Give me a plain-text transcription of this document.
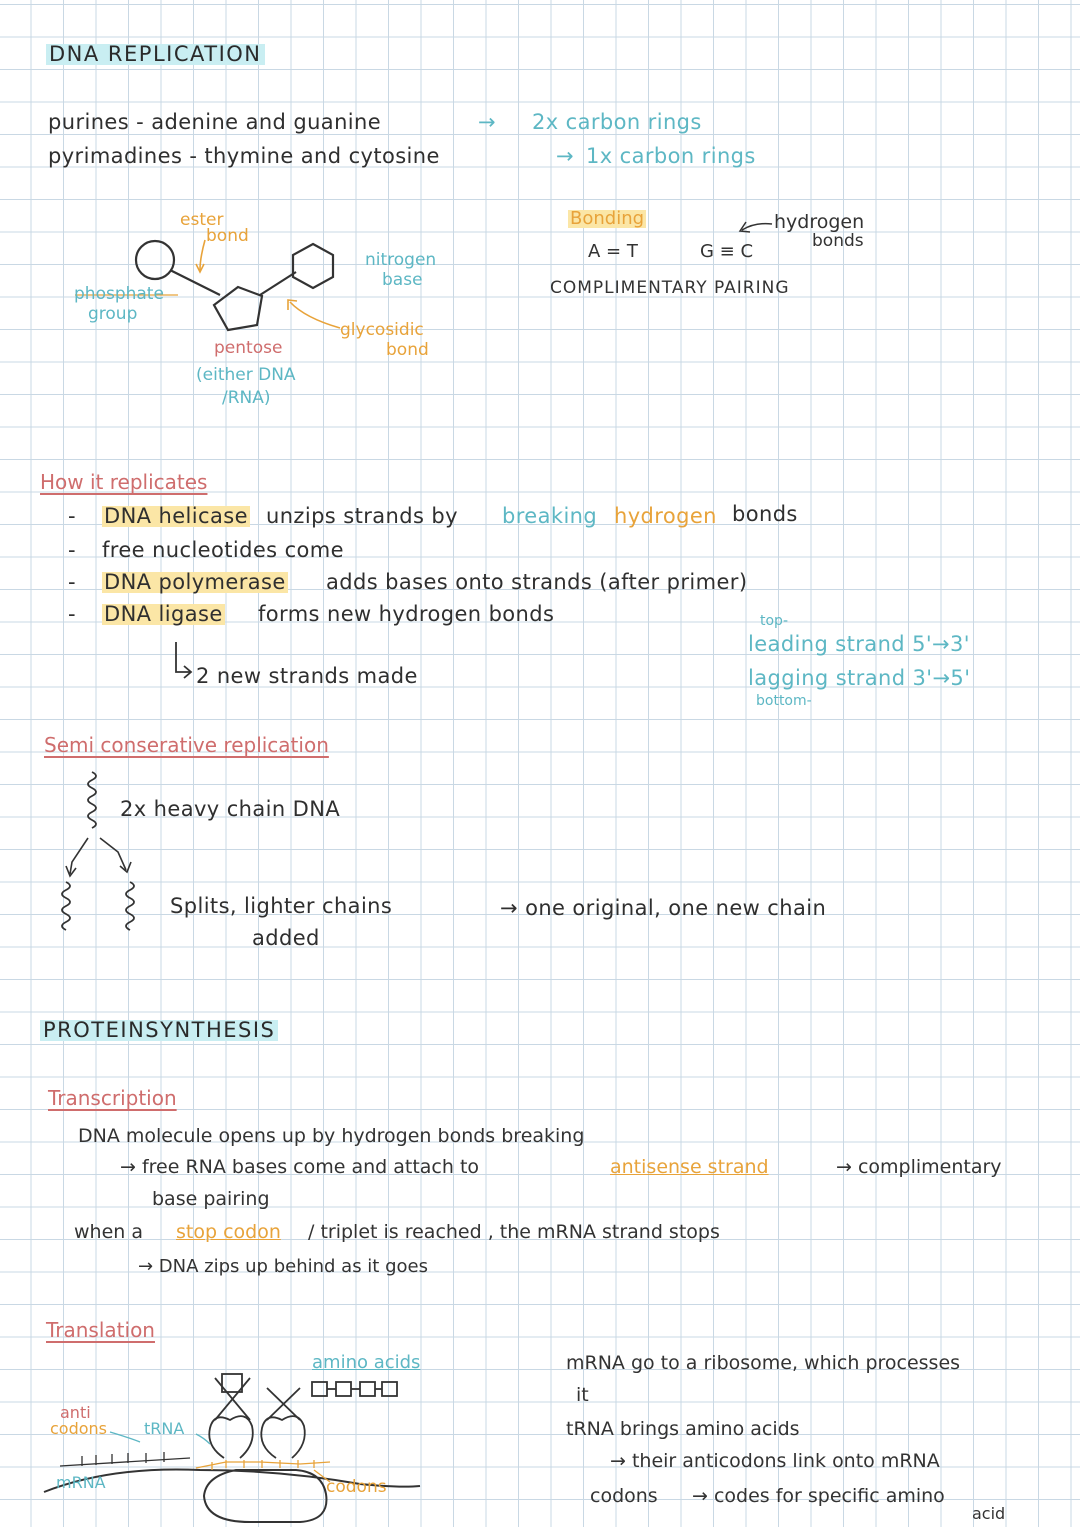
DNA REPLICATION
purines - adenine and guanine	→ 2x carbon rings
pyrimadines - thymine and cytosine	→ 1x carbon rings
ester
bond
phosphate
group
nitrogen
base
glycosidic
bond
pentose
(either DNA
/RNA)
Bonding
A = T	G ≡ C
hydrogen
bonds
COMPLIMENTARY PAIRING
How it replicates
- DNA helicase unzips strands by breaking hydrogen bonds
- free nucleotides come
- DNA polymerase adds bases onto strands (after primer)
- DNA ligase forms new hydrogen bonds
2 new strands made
top-
leading strand 5'→3'
lagging strand 3'→5'
bottom-
Semi conserative replication
2x heavy chain DNA
Splits, lighter chains
added
→ one original, one new chain
PROTEINSYNTHESIS
Transcription
DNA molecule opens up by hydrogen bonds breaking
→ free RNA bases come and attach to	antisense strand	→ complimentary
base pairing
when a stop codon / triplet is reached , the mRNA strand stops
→ DNA zips up behind as it goes
Translation
amino acids
anti
codons tRNA
mRNA	codons
mRNA go to a ribosome, which processes
it
tRNA brings amino acids
→ their anticodons link onto mRNA
codons → codes for specific amino
acid
